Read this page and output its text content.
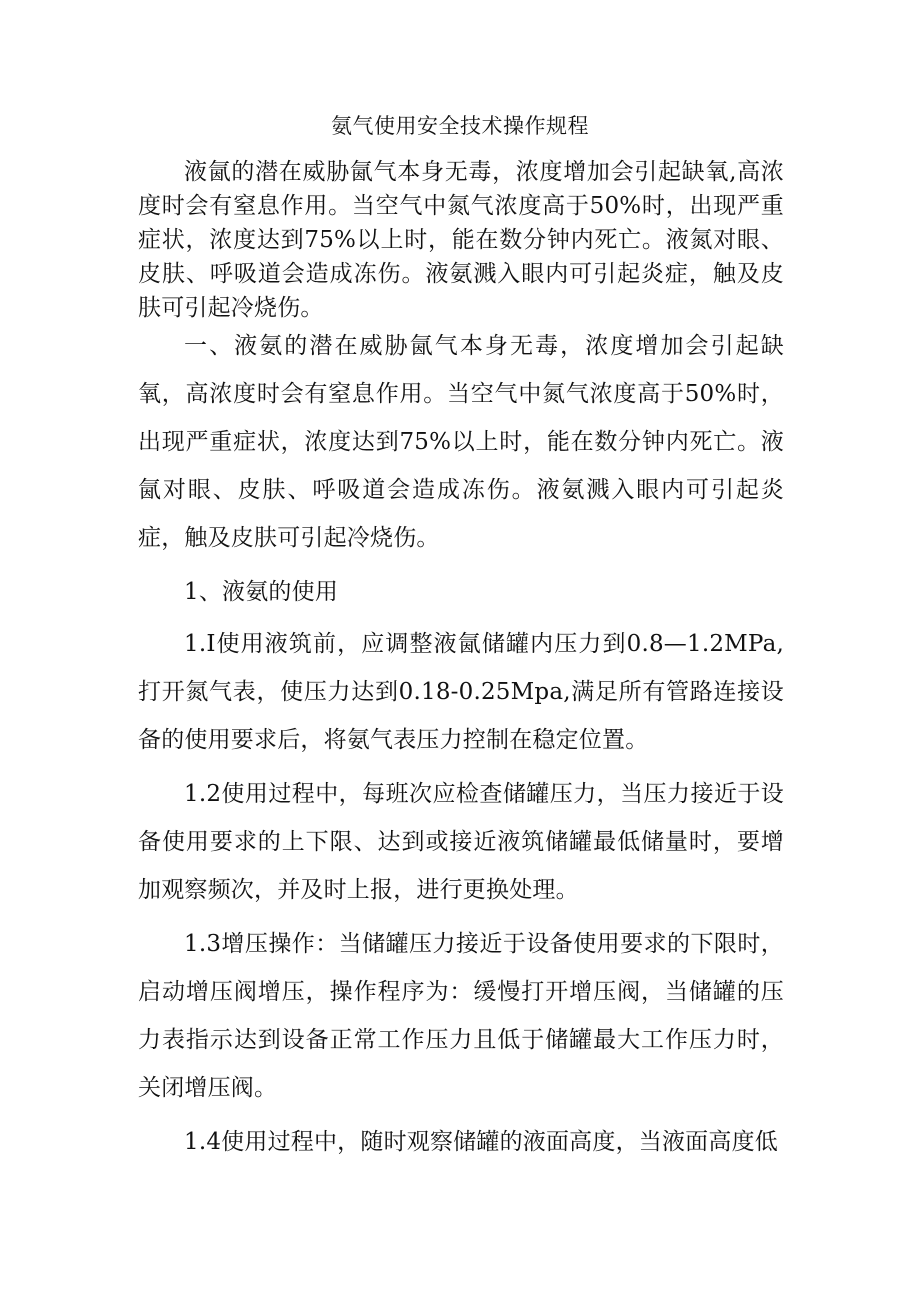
氨气使用安全技术操作规程

液氤的潜在威胁氤气本身无毒，浓度增加会引起缺氧,高浓度时会有窒息作用。当空气中氮气浓度高于50%时，出现严重症状，浓度达到75%以上时，能在数分钟内死亡。液氮对眼、皮肤、呼吸道会造成冻伤。液氨溅入眼内可引起炎症，触及皮肤可引起冷烧伤。

一、液氨的潜在威胁氤气本身无毒，浓度增加会引起缺氧，高浓度时会有窒息作用。当空气中氮气浓度高于50%时，出现严重症状，浓度达到75%以上时，能在数分钟内死亡。液氤对眼、皮肤、呼吸道会造成冻伤。液氨溅入眼内可引起炎症，触及皮肤可引起冷烧伤。

1、液氨的使用

1.I使用液筑前，应调整液氤储罐内压力到0.8—1.2MPa,打开氮气表，使压力达到0.18-0.25Mpa,满足所有管路连接设备的使用要求后，将氨气表压力控制在稳定位置。

1.2使用过程中，每班次应检查储罐压力，当压力接近于设备使用要求的上下限、达到或接近液筑储罐最低储量时，要增加观察频次，并及时上报，进行更换处理。

1.3增压操作：当储罐压力接近于设备使用要求的下限时，启动增压阀增压，操作程序为：缓慢打开增压阀，当储罐的压力表指示达到设备正常工作压力且低于储罐最大工作压力时，关闭增压阀。

1.4使用过程中，随时观察储罐的液面高度，当液面高度低
